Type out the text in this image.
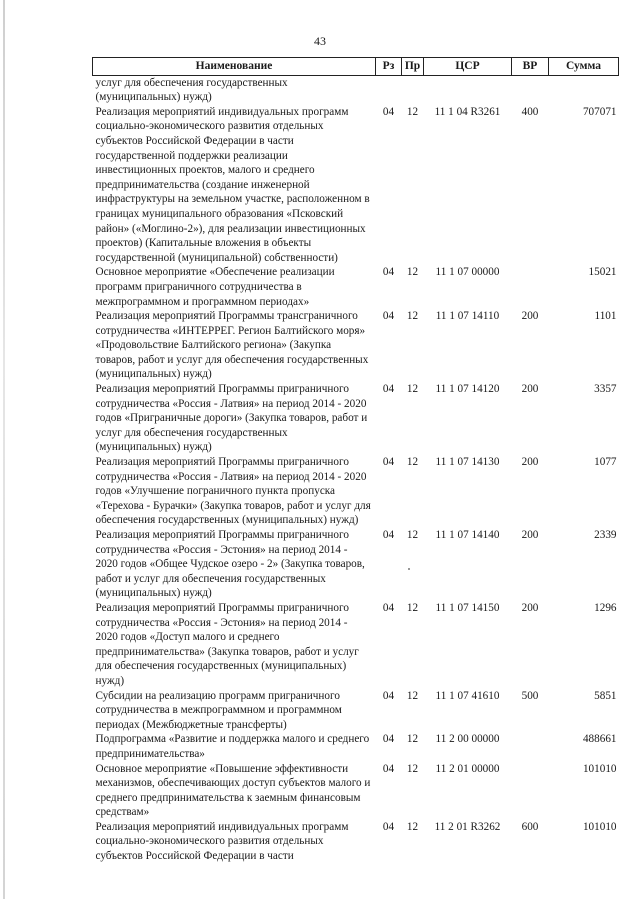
43
Наименование	Рз	Пр	ЦСР	ВР	Сумма
услуг для обеспечения государственных (муниципальных) нужд)					
Реализация мероприятий индивидуальных программ социально-экономического развития отдельных субъектов Российской Федерации в части государственной поддержки реализации инвестиционных проектов, малого и среднего предпринимательства (создание инженерной инфраструктуры на земельном участке, расположенном в границах муниципального образования «Псковский район» («Моглино-2»), для реализации инвестиционных проектов) (Капитальные вложения в объекты государственной (муниципальной) собственности)	04	12	11 1 04 R3261	400	707071
Основное мероприятие «Обеспечение реализации программ приграничного сотрудничества в межпрограммном и программном периодах»	04	12	11 1 07 00000		15021
Реализация мероприятий Программы трансграничного сотрудничества «ИНТЕРРЕГ. Регион Балтийского моря» «Продовольствие Балтийского региона» (Закупка товаров, работ и услуг для обеспечения государственных (муниципальных) нужд)	04	12	11 1 07 14110	200	1101
Реализация мероприятий Программы приграничного сотрудничества «Россия - Латвия» на период 2014 - 2020 годов «Приграничные дороги» (Закупка товаров, работ и услуг для обеспечения государственных (муниципальных) нужд)	04	12	11 1 07 14120	200	3357
Реализация мероприятий Программы приграничного сотрудничества «Россия - Латвия» на период 2014 - 2020 годов «Улучшение пограничного пункта пропуска «Терехова - Бурачки» (Закупка товаров, работ и услуг для обеспечения государственных (муниципальных) нужд)	04	12	11 1 07 14130	200	1077
Реализация мероприятий Программы приграничного сотрудничества «Россия - Эстония» на период 2014 - 2020 годов «Общее Чудское озеро - 2» (Закупка товаров, работ и услуг для обеспечения государственных (муниципальных) нужд)	04	12	11 1 07 14140	200	2339
Реализация мероприятий Программы приграничного сотрудничества «Россия - Эстония» на период 2014 - 2020 годов «Доступ малого и среднего предпринимательства» (Закупка товаров, работ и услуг для обеспечения государственных (муниципальных) нужд)	04	12	11 1 07 14150	200	1296
Субсидии на реализацию программ приграничного сотрудничества в межпрограммном и программном периодах (Межбюджетные трансферты)	04	12	11 1 07 41610	500	5851
Подпрограмма «Развитие и поддержка малого и среднего предпринимательства»	04	12	11 2 00 00000		488661
Основное мероприятие «Повышение эффективности механизмов, обеспечивающих доступ субъектов малого и среднего предпринимательства к заемным финансовым средствам»	04	12	11 2 01 00000		101010
Реализация мероприятий индивидуальных программ социально-экономического развития отдельных субъектов Российской Федерации в части	04	12	11 2 01 R3262	600	101010
